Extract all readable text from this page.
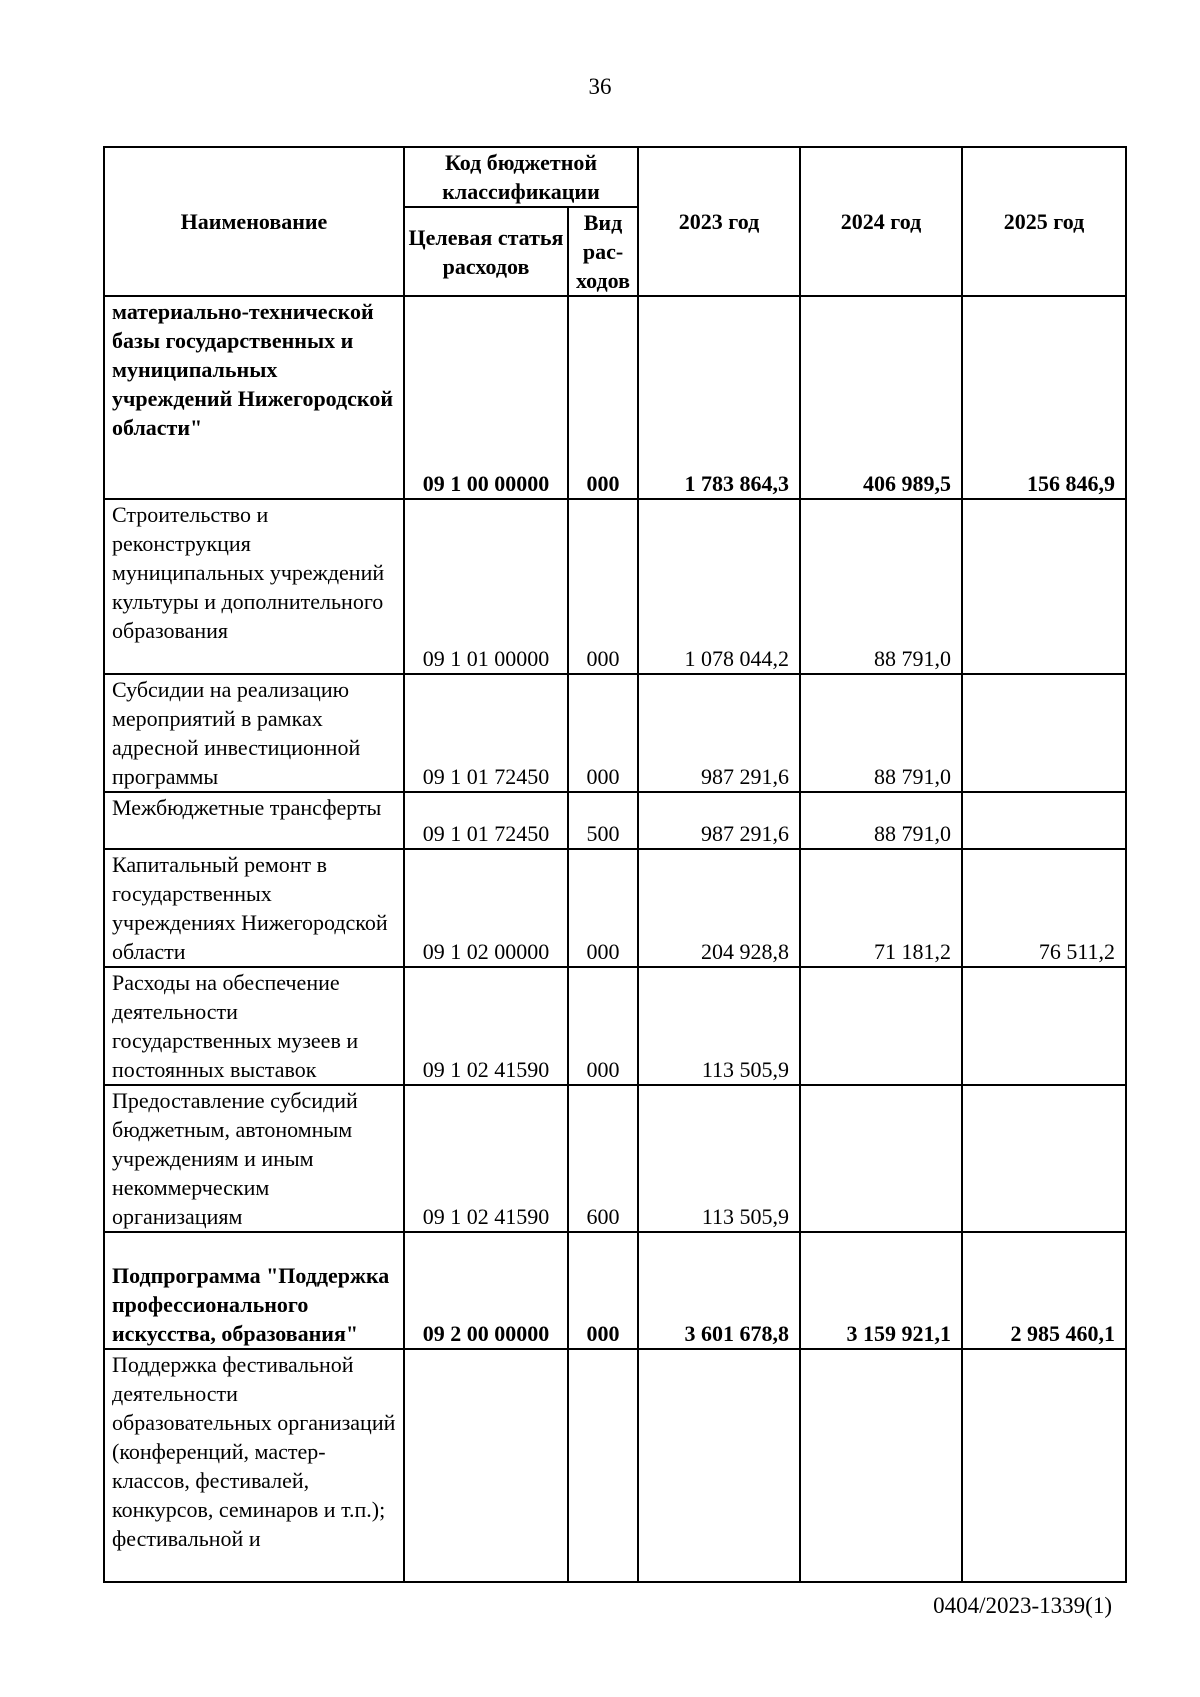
36
Наименование	Код бюджетной классификации		2023 год	2024 год	2025 год
	Целевая статья расходов	Вид рас-ходов			
материально-технической базы государственных и муниципальных учреждений Нижегородской области"	09 1 00 00000	000	1 783 864,3	406 989,5	156 846,9
Строительство и реконструкция муниципальных учреждений культуры и дополнительного образования	09 1 01 00000	000	1 078 044,2	88 791,0	
Субсидии на реализацию мероприятий в рамках адресной инвестиционной программы	09 1 01 72450	000	987 291,6	88 791,0	
Межбюджетные трансферты	09 1 01 72450	500	987 291,6	88 791,0	
Капитальный ремонт в государственных учреждениях Нижегородской области	09 1 02 00000	000	204 928,8	71 181,2	76 511,2
Расходы на обеспечение деятельности государственных музеев и постоянных выставок	09 1 02 41590	000	113 505,9		
Предоставление субсидий бюджетным, автономным учреждениям и иным некоммерческим организациям	09 1 02 41590	600	113 505,9		
Подпрограмма "Поддержка профессионального искусства, образования"	09 2 00 00000	000	3 601 678,8	3 159 921,1	2 985 460,1
Поддержка фестивальной деятельности образовательных организаций (конференций, мастер-классов, фестивалей, конкурсов, семинаров и т.п.); фестивальной и					
0404/2023-1339(1)
